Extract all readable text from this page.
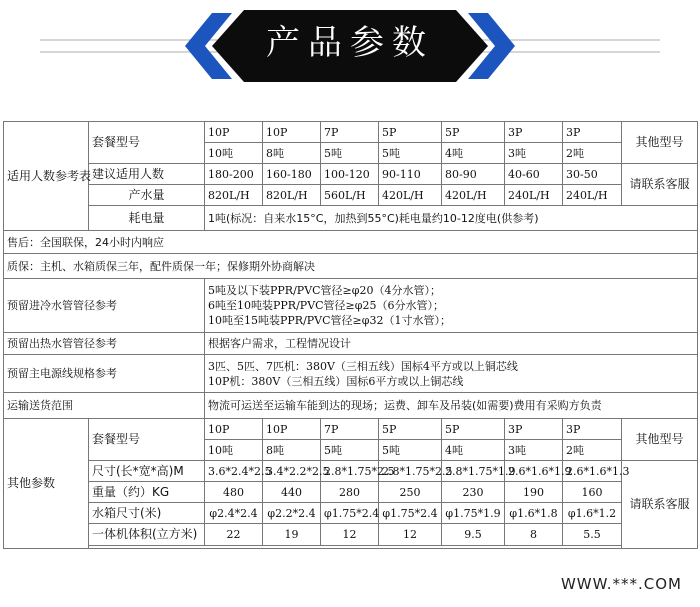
产品参数
适用人数参考表	套餐型号	10P	10P	7P	5P	5P	3P	3P	其他型号
		10吨	8吨	5吨	5吨	4吨	3吨	2吨	
	建议适用人数	180-200	160-180	100-120	90-110	80-90	40-60	30-50	请联系客服
	产水量	820L/H	820L/H	560L/H	420L/H	420L/H	240L/H	240L/H	
	耗电量	1吨(标况：自来水15°C，加热到55°C)耗电量约10-12度电(供参考)							
售后：全国联保，24小时内响应									
质保：主机、水箱质保三年，配件质保一年；保修期外协商解决									
预留进冷水管管径参考		5吨及以下装PPR/PVC管径≥φ20（4分水管）；
6吨至10吨装PPR/PVC管径≥φ25（6分水管）；
10吨至15吨装PPR/PVC管径≥φ32（1寸水管）；							

预留出热水管管径参考		根据客户需求，工程情况设计							
预留主电源线规格参考		3匹、5匹、7匹机：380V（三相五线）国标4平方或以上铜芯线
10P机：380V（三相五线）国标6平方或以上铜芯线							

运输送货范围		物流可运送至运输车能到达的现场；运费、卸车及吊装(如需要)费用有采购方负责							
其他参数	套餐型号	10P	10P	7P	5P	5P	3P	3P	其他型号
		10吨	8吨	5吨	5吨	4吨	3吨	2吨	
	尺寸(长*宽*高)M	3.6*2.4*2.5	3.4*2.2*2.5	2.8*1.75*2.5	2.8*1.75*2.5	2.8*1.75*1.9	2.6*1.6*1.9	2.6*1.6*1.3	请联系客服
	重量（约）KG	480	440	280	250	230	190	160	
	水箱尺寸(米)	φ2.4*2.4	φ2.2*2.4	φ1.75*2.4	φ1.75*2.4	φ1.75*1.9	φ1.6*1.8	φ1.6*1.2	
	一体机体积(立方米)	22	19	12	12	9.5	8	5.5	

WWW.***.COM
